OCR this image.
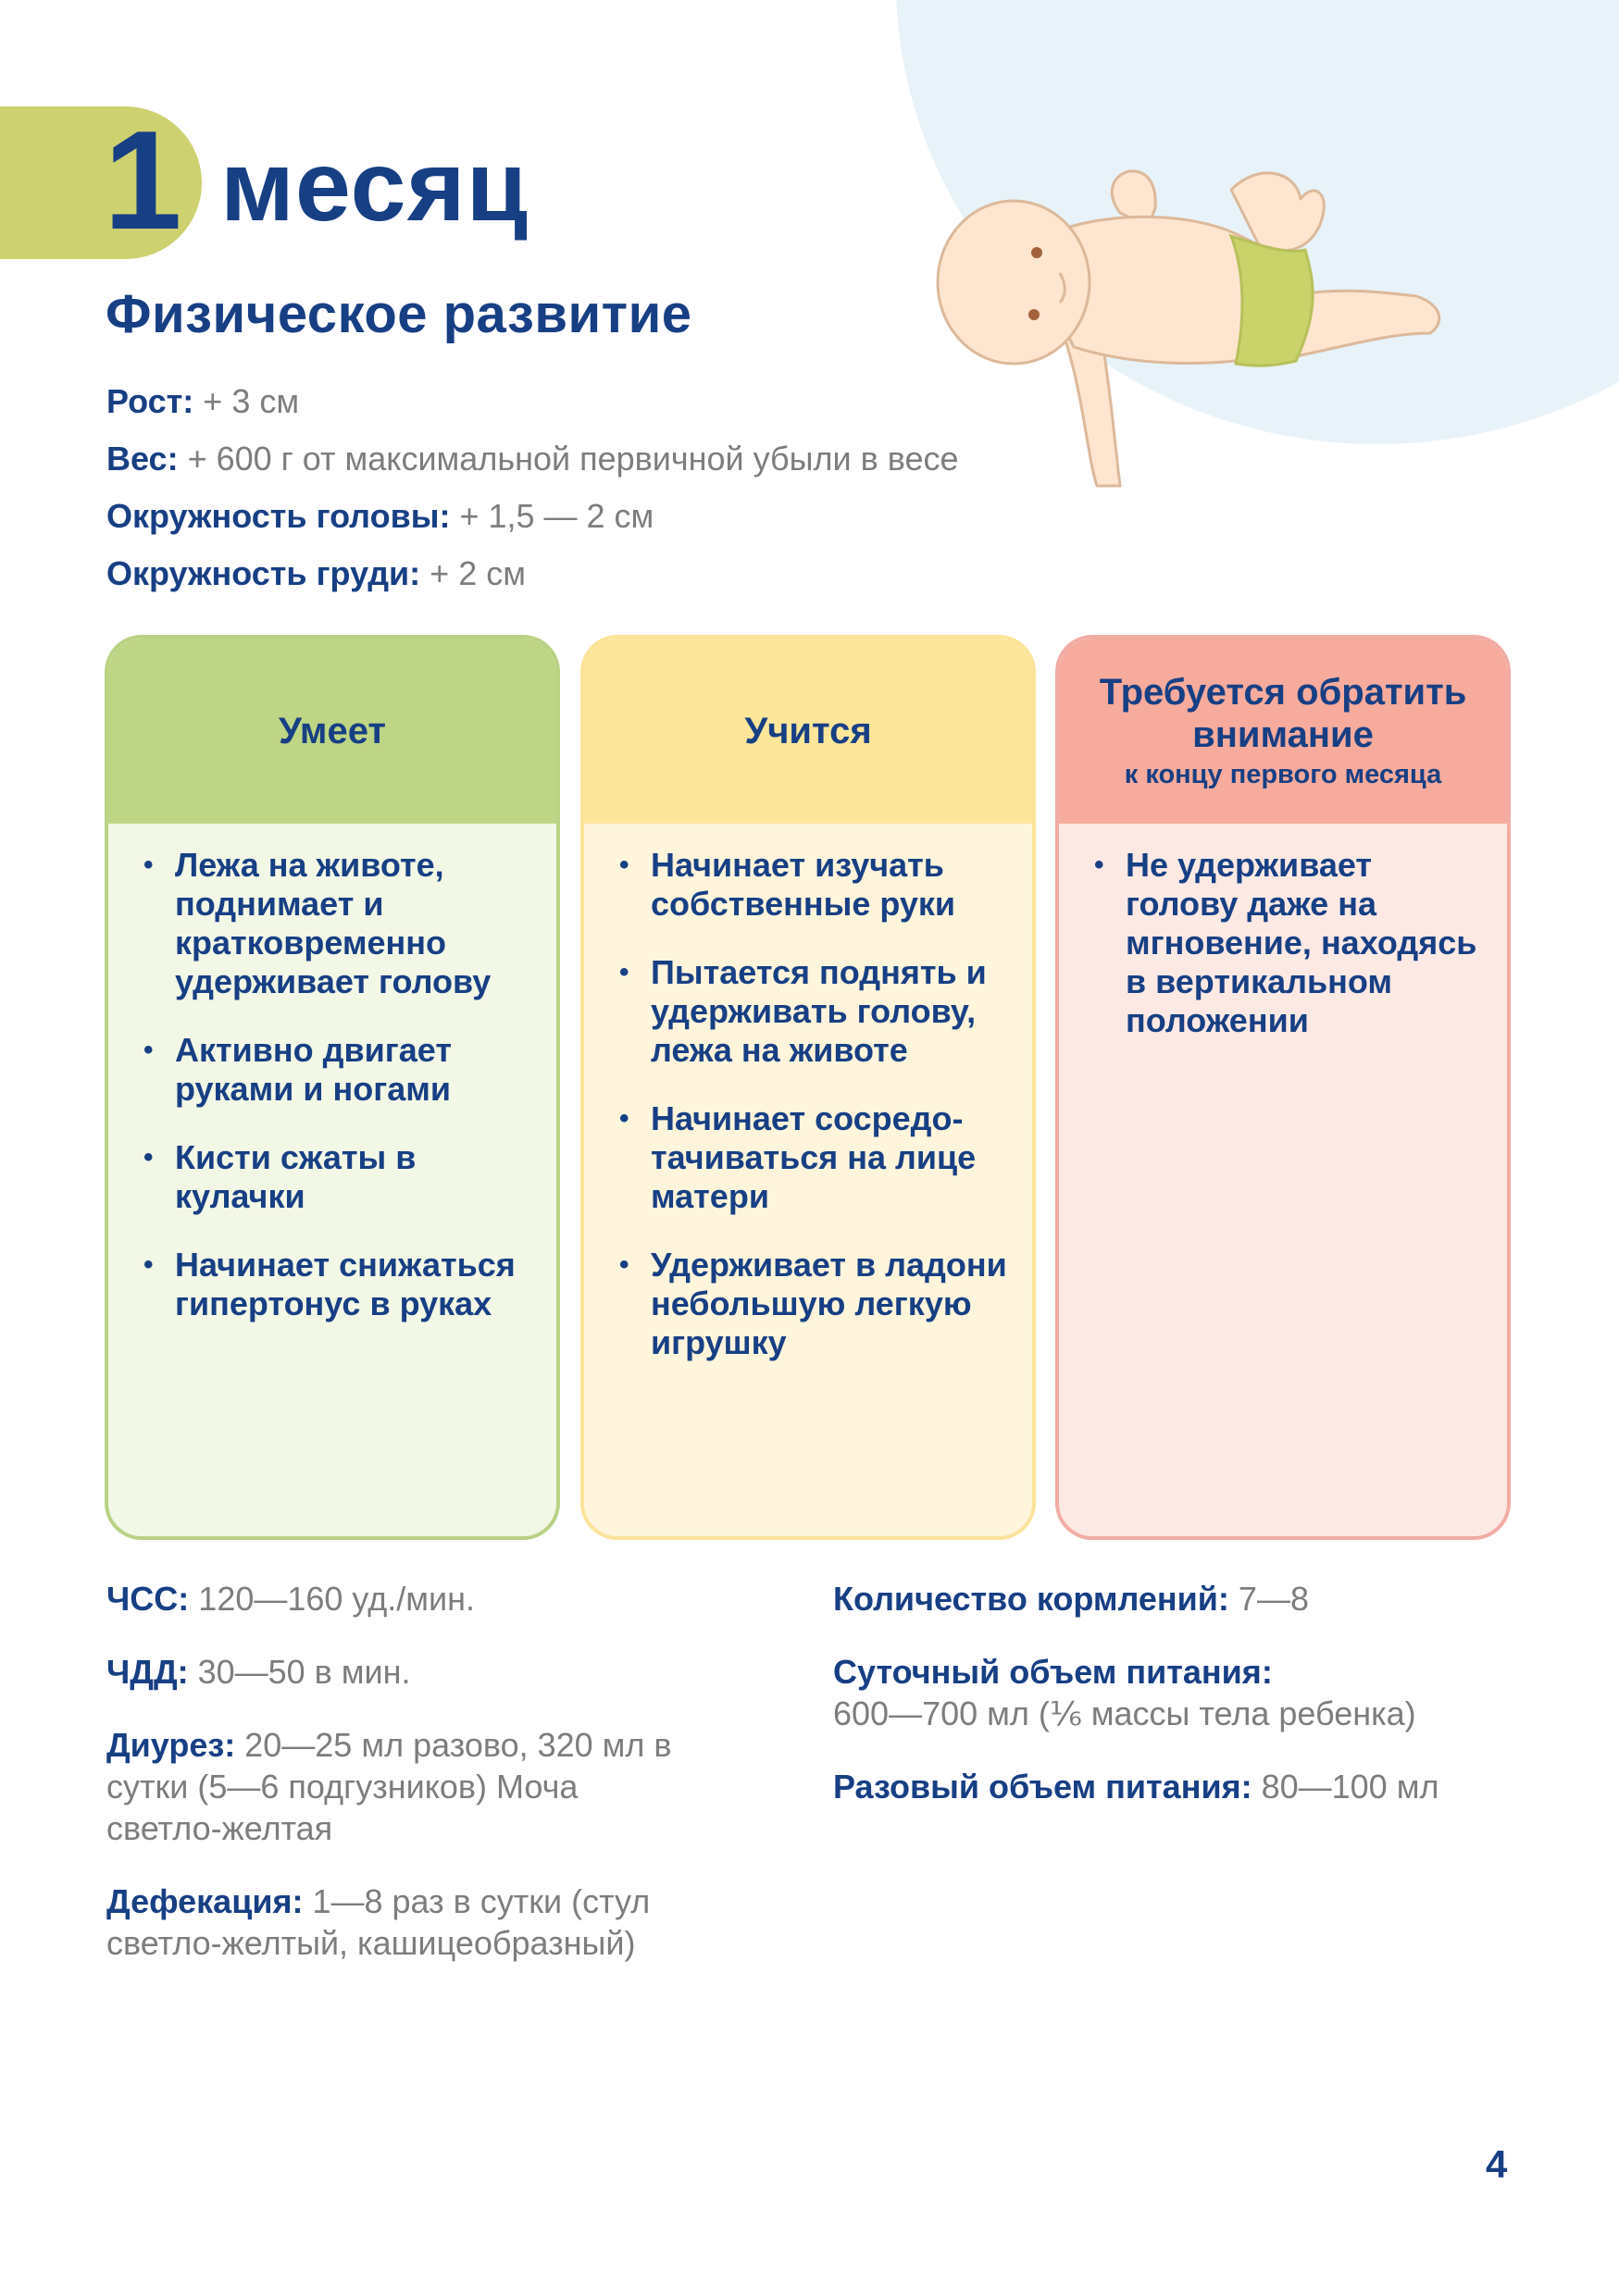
1 месяц
Физическое развитие
Рост: + 3 см
Вес: + 600 г от максимальной первичной убыли в весе
Окружность головы: + 1,5 — 2 см
Окружность груди: + 2 см
Умеет
• Лежа на животе, поднимает и кратковременно удерживает голову
• Активно двигает руками и ногами
• Кисти сжаты в кулачки
• Начинает снижаться гипертонус в руках
Учится
• Начинает изучать собственные руки
• Пытается поднять и удерживать голову, лежа на животе
• Начинает сосредотачиваться на лице матери
• Удерживает в ладони небольшую легкую игрушку
Требуется обратить внимание
к концу первого месяца
• Не удерживает голову даже на мгновение, находясь в вертикальном положении
ЧСС: 120—160 уд./мин.
ЧДД: 30—50 в мин.
Диурез: 20—25 мл разово, 320 мл в сутки (5—6 подгузников) Моча светло-желтая
Дефекация: 1—8 раз в сутки (стул светло-желтый, кашицеобразный)
Количество кормлений: 7—8
Суточный объем питания:
600—700 мл (⅙ массы тела ребенка)
Разовый объем питания: 80—100 мл
4
